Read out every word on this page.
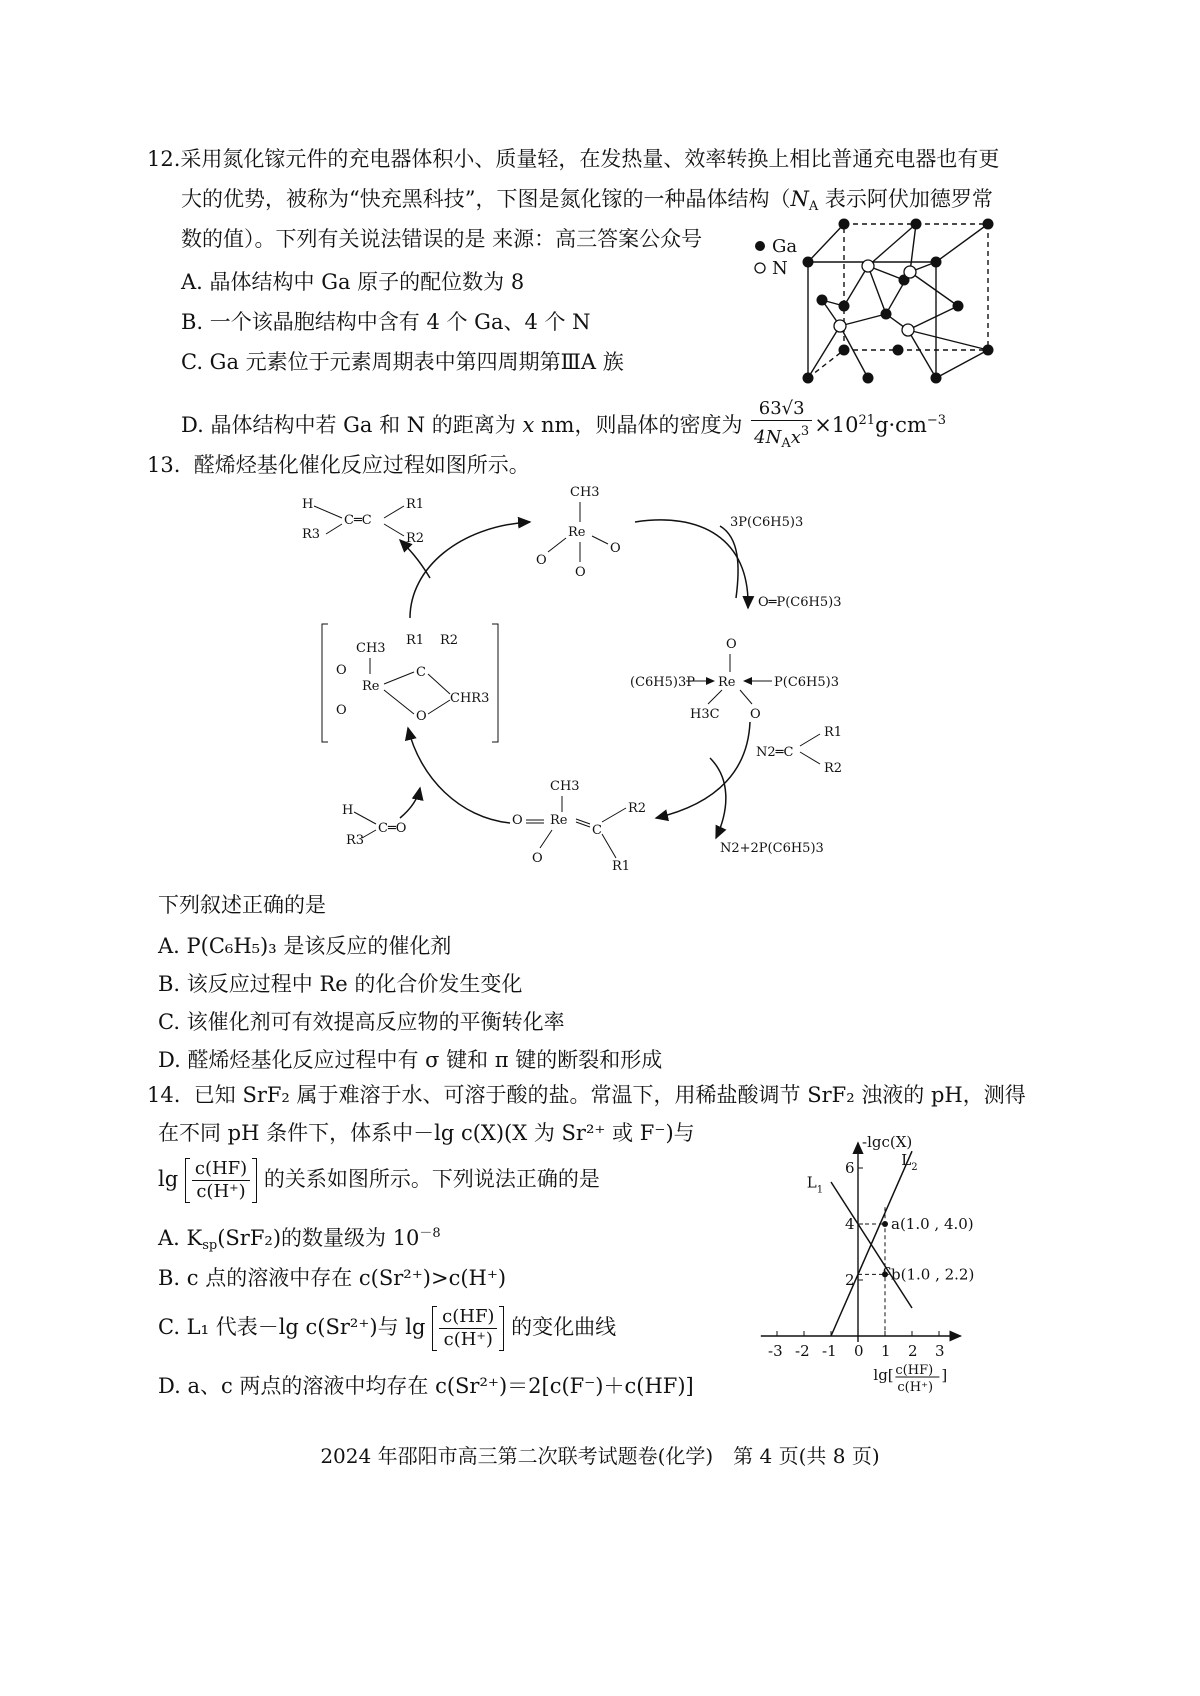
12.采用氮化镓元件的充电器体积小、质量轻，在发热量、效率转换上相比普通充电器也有更
大的优势，被称为“快充黑科技”，下图是氮化镓的一种晶体结构（$N_A$ 表示阿伏加德罗常
数的值）。下列有关说法错误的是 来源：高三答案公众号
A. 晶体结构中 Ga 原子的配位数为 8
B. 一个该晶胞结构中含有 4 个 Ga、4 个 N
C. Ga 元素位于元素周期表中第四周期第ⅢA 族
D. 晶体结构中若 Ga 和 N 的距离为 x nm，则晶体的密度为 $\frac{63√3}{4N_Ax^3} \times 10^{21}g\cdot cm^{-3}$
Ga
N
13. 醛烯烃基化催化反应过程如图所示。
CH3
Re
O
O
O
H
R3
C═C
R1
R2
3P(C6H5)3
O═P(C6H5)3
O
Re
(C6H5)3P	P(C6H5)3
H3C O
N2═C
R1
R2
N2+2P(C6H5)3
CH3
O Re
C
R2
R1
O
H
R3
C═O
CH3
O
O
Re
R1 R2
C
O
CHR3
下列叙述正确的是
A. P(C₆H₅)₃ 是该反应的催化剂
B. 该反应过程中 Re 的化合价发生变化
C. 该催化剂可有效提高反应物的平衡转化率
D. 醛烯烃基化反应过程中有 σ 键和 π 键的断裂和形成
14. 已知 SrF₂ 属于难溶于水、可溶于酸的盐。常温下，用稀盐酸调节 SrF₂ 浊液的 pH，测得
在不同 pH 条件下，体系中－lg c(X)(X 为 Sr²⁺ 或 F⁻)与
$\lg \frac{c(HF)}{c(H^+)}$ 的关系如图所示。下列说法正确的是
A. $K_{sp}(SrF_2)$的数量级为 $10^{-8}$
B. c 点的溶液中存在 c(Sr²⁺)>c(H⁺)
C. L₁ 代表－lg c(Sr²⁺)与 $\lg \frac{c(HF)}{c(H^+)}$ 的变化曲线
D. a、c 两点的溶液中均存在 c(Sr²⁺)＝2[c(F⁻)＋c(HF)]
-lgc(X)
-3 -2 -1 0 1 2 3
2
4
6
lg[ c(HF)
c(H⁺)
]
L 1
L 2
a(1.0 , 4.0)
b(1.0 , 2.2)
c
2024 年邵阳市高三第二次联考试题卷(化学)　第 4 页(共 8 页)
